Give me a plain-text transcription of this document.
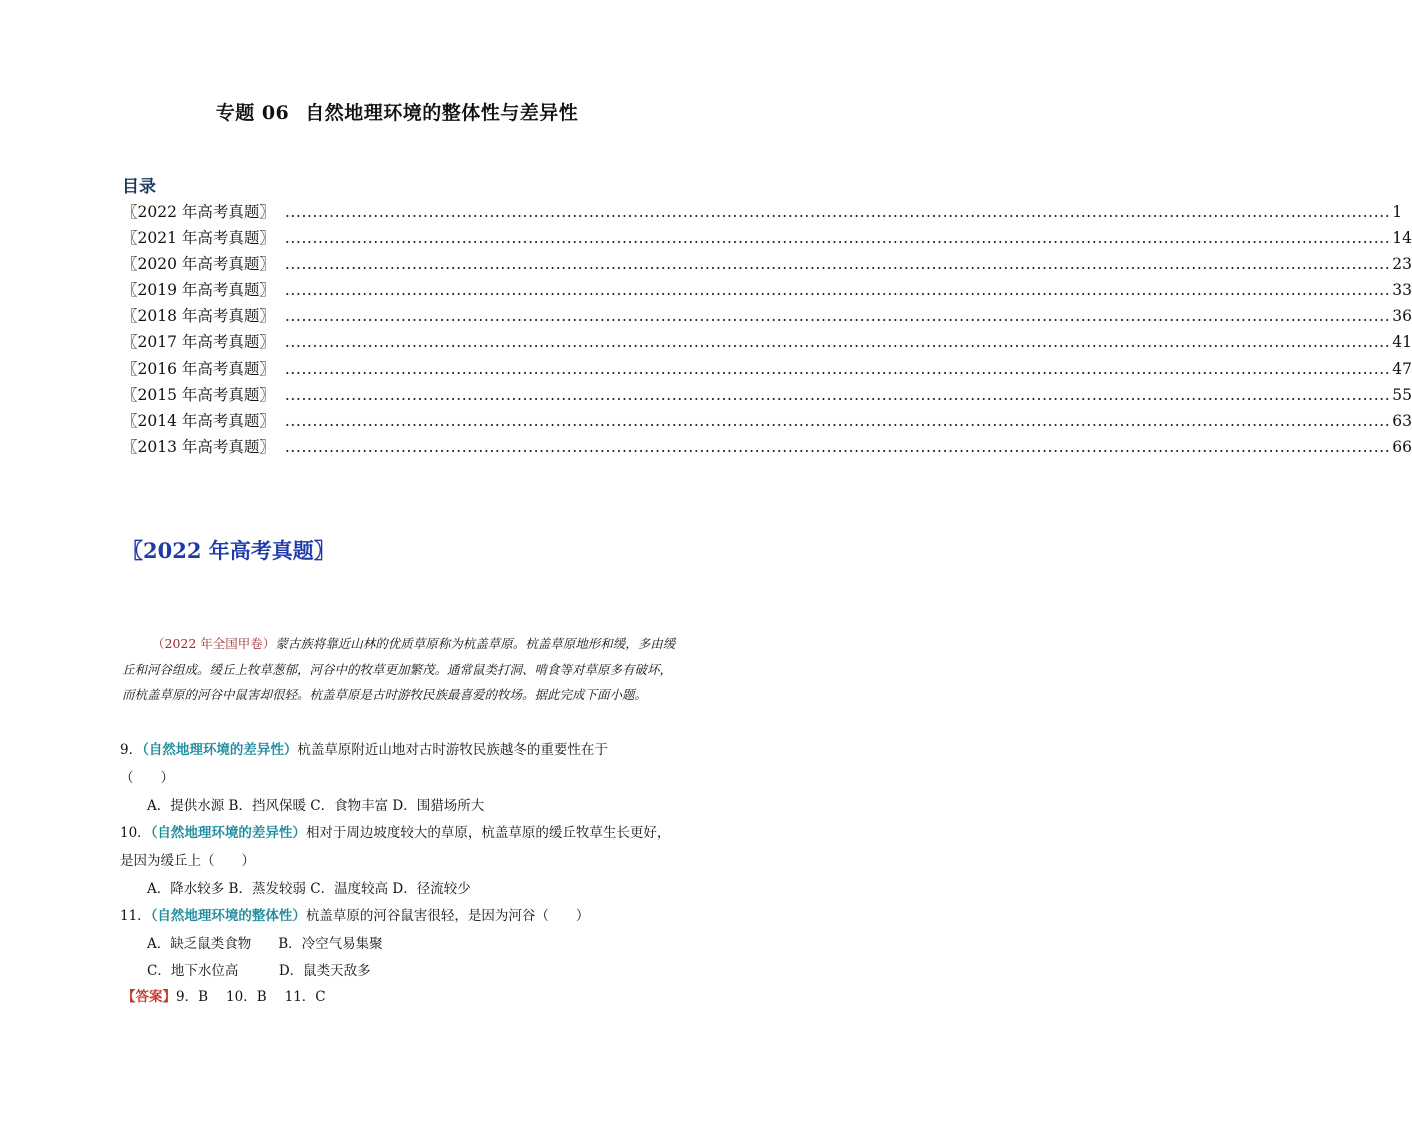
专题 06 自然地理环境的整体性与差异性
目录
〖2022 年高考真题〗 ........................................................................................................................................................................................................ 1
〖2021 年高考真题〗 ........................................................................................................................................................................................................ 14
〖2020 年高考真题〗 ........................................................................................................................................................................................................ 23
〖2019 年高考真题〗 ........................................................................................................................................................................................................ 33
〖2018 年高考真题〗 ........................................................................................................................................................................................................ 36
〖2017 年高考真题〗 ........................................................................................................................................................................................................ 41
〖2016 年高考真题〗 ........................................................................................................................................................................................................ 47
〖2015 年高考真题〗 ........................................................................................................................................................................................................ 55
〖2014 年高考真题〗 ........................................................................................................................................................................................................ 63
〖2013 年高考真题〗 ........................................................................................................................................................................................................ 66
〖2022 年高考真题〗
（2022 年全国甲卷）蒙古族将靠近山林的优质草原称为杭盖草原。杭盖草原地形和缓，多由缓丘和河谷组成。缓丘上牧草葱郁，河谷中的牧草更加繁茂。通常鼠类打洞、啃食等对草原多有破坏，而杭盖草原的河谷中鼠害却很轻。杭盖草原是古时游牧民族最喜爱的牧场。据此完成下面小题。
9．（自然地理环境的差异性）杭盖草原附近山地对古时游牧民族越冬的重要性在于
（　　）
A．提供水源 B．挡风保暖 C．食物丰富 D．围猎场所大
10．（自然地理环境的差异性）相对于周边坡度较大的草原，杭盖草原的缓丘牧草生长更好，
是因为缓丘上（　　）
A．降水较多 B．蒸发较弱 C．温度较高 D．径流较少
11．（自然地理环境的整体性）杭盖草原的河谷鼠害很轻，是因为河谷（　　）
A．缺乏鼠类食物　　B．冷空气易集聚
C．地下水位高　　　D．鼠类天敌多
【答案】9．B 10．B 11．C
